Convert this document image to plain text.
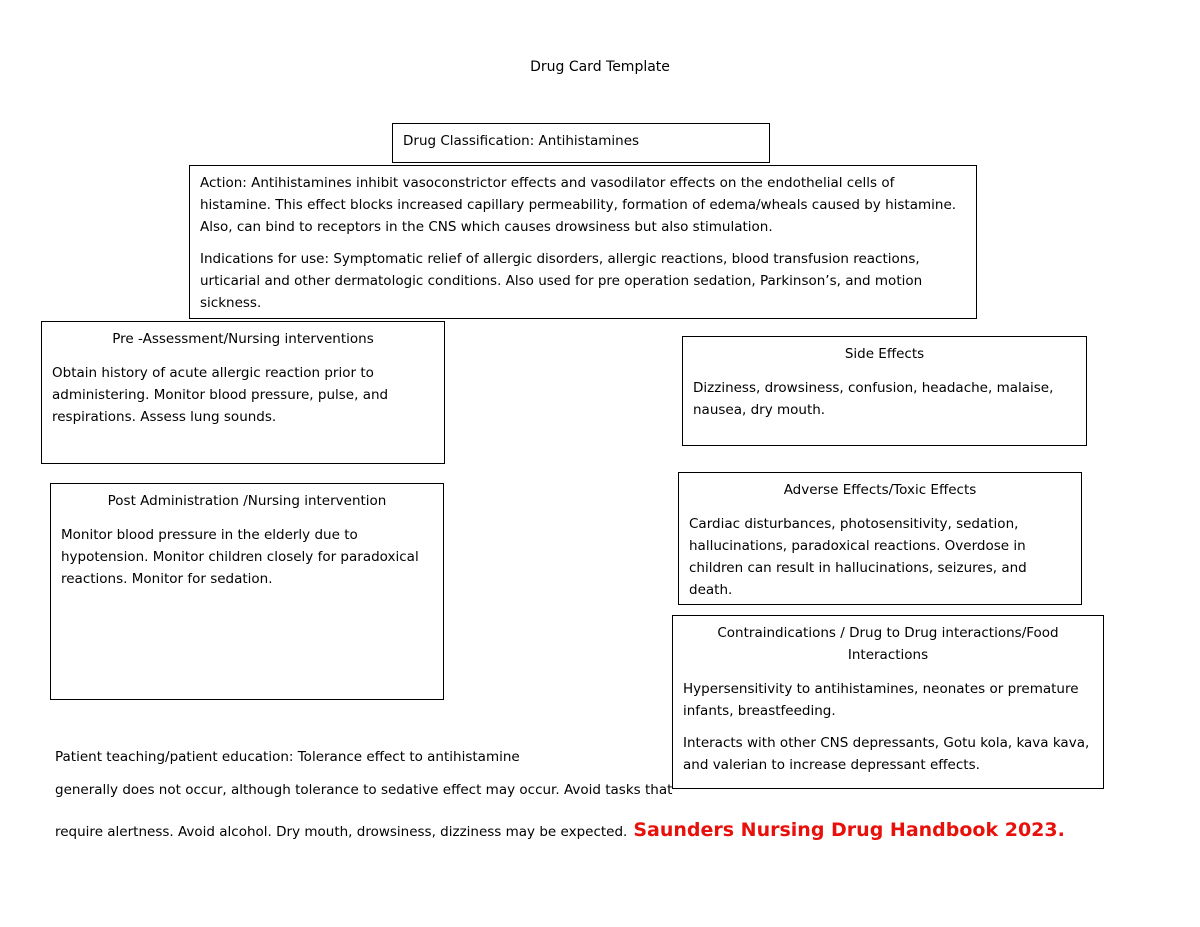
Drug Card Template

Drug Classification: Antihistamines

Action: Antihistamines inhibit vasoconstrictor effects and vasodilator effects on the endothelial cells of histamine. This effect blocks increased capillary permeability, formation of edema/wheals caused by histamine. Also, can bind to receptors in the CNS which causes drowsiness but also stimulation.

Indications for use: Symptomatic relief of allergic disorders, allergic reactions, blood transfusion reactions, urticarial and other dermatologic conditions. Also used for pre operation sedation, Parkinson’s, and motion sickness.

Pre -Assessment/Nursing interventions

Obtain history of acute allergic reaction prior to administering. Monitor blood pressure, pulse, and respirations. Assess lung sounds.

Side Effects

Dizziness, drowsiness, confusion, headache, malaise, nausea, dry mouth.

Post Administration /Nursing intervention

Monitor blood pressure in the elderly due to hypotension. Monitor children closely for paradoxical reactions. Monitor for sedation.

Adverse Effects/Toxic Effects

Cardiac disturbances, photosensitivity, sedation, hallucinations, paradoxical reactions. Overdose in children can result in hallucinations, seizures, and death.

Contraindications / Drug to Drug interactions/Food Interactions

Hypersensitivity to antihistamines, neonates or premature infants, breastfeeding.

Interacts with other CNS depressants, Gotu kola, kava kava, and valerian to increase depressant effects.

Patient teaching/patient education: Tolerance effect to antihistamine
generally does not occur, although tolerance to sedative effect may occur. Avoid tasks that
require alertness. Avoid alcohol. Dry mouth, drowsiness, dizziness may be expected. Saunders Nursing Drug Handbook 2023.
